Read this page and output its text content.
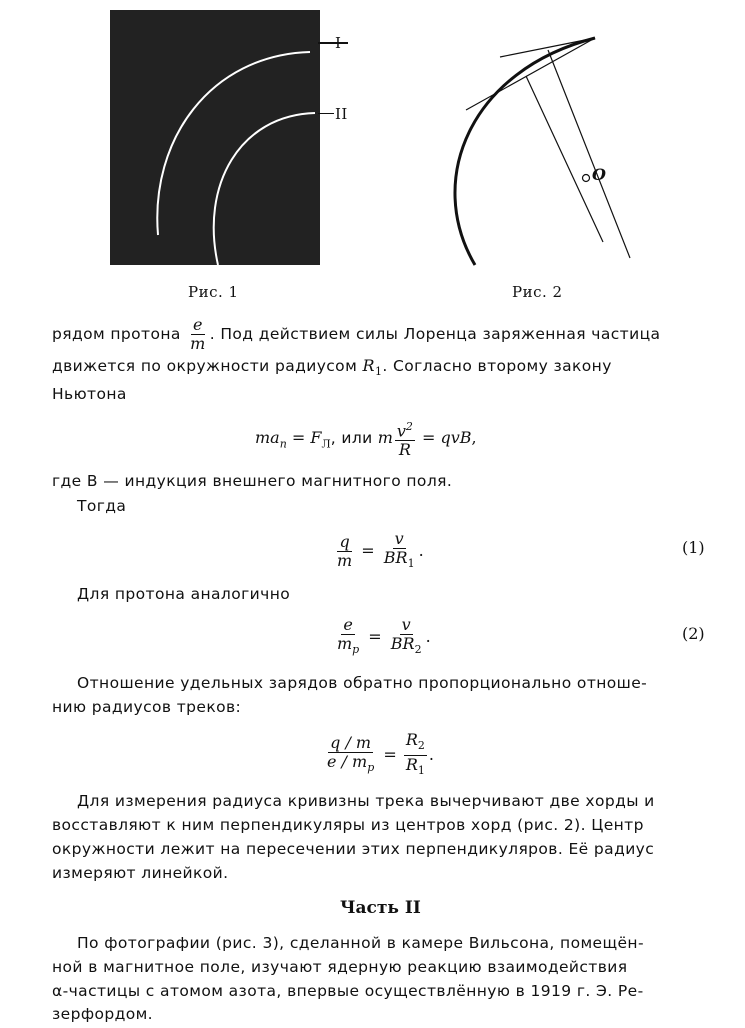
I
II
Рис. 1
O
Рис. 2
рядом протона $\frac{e}{m}$ . Под действием силы Лоренца заряженная частица
движется по окружности радиусом $R_1$. Согласно второму закону
Ньютона
$ma_n = F_Л$, или m $\frac{v^2}{R}$ = qvB,
где B — индукция внешнего магнитного поля.
Тогда
$\frac{q}{m} = \frac{v}{BR_1}$ .	(1)
Для протона аналогично
$\frac{e}{m_p} = \frac{v}{BR_2}$ .	(2)
Отношение удельных зарядов обратно пропорционально отноше-
нию радиусов треков:
$\frac{q / m}{e / m_p} = \frac{R_2}{R_1}$ .
Для измерения радиуса кривизны трека вычерчивают две хорды и
восставляют к ним перпендикуляры из центров хорд (рис. 2). Центр
окружности лежит на пересечении этих перпендикуляров. Её радиус
измеряют линейкой.
Часть II
По фотографии (рис. 3), сделанной в камере Вильсона, помещён-
ной в магнитное поле, изучают ядерную реакцию взаимодействия
α-частицы с атомом азота, впервые осуществлённую в 1919 г. Э. Ре-
зерфордом.
